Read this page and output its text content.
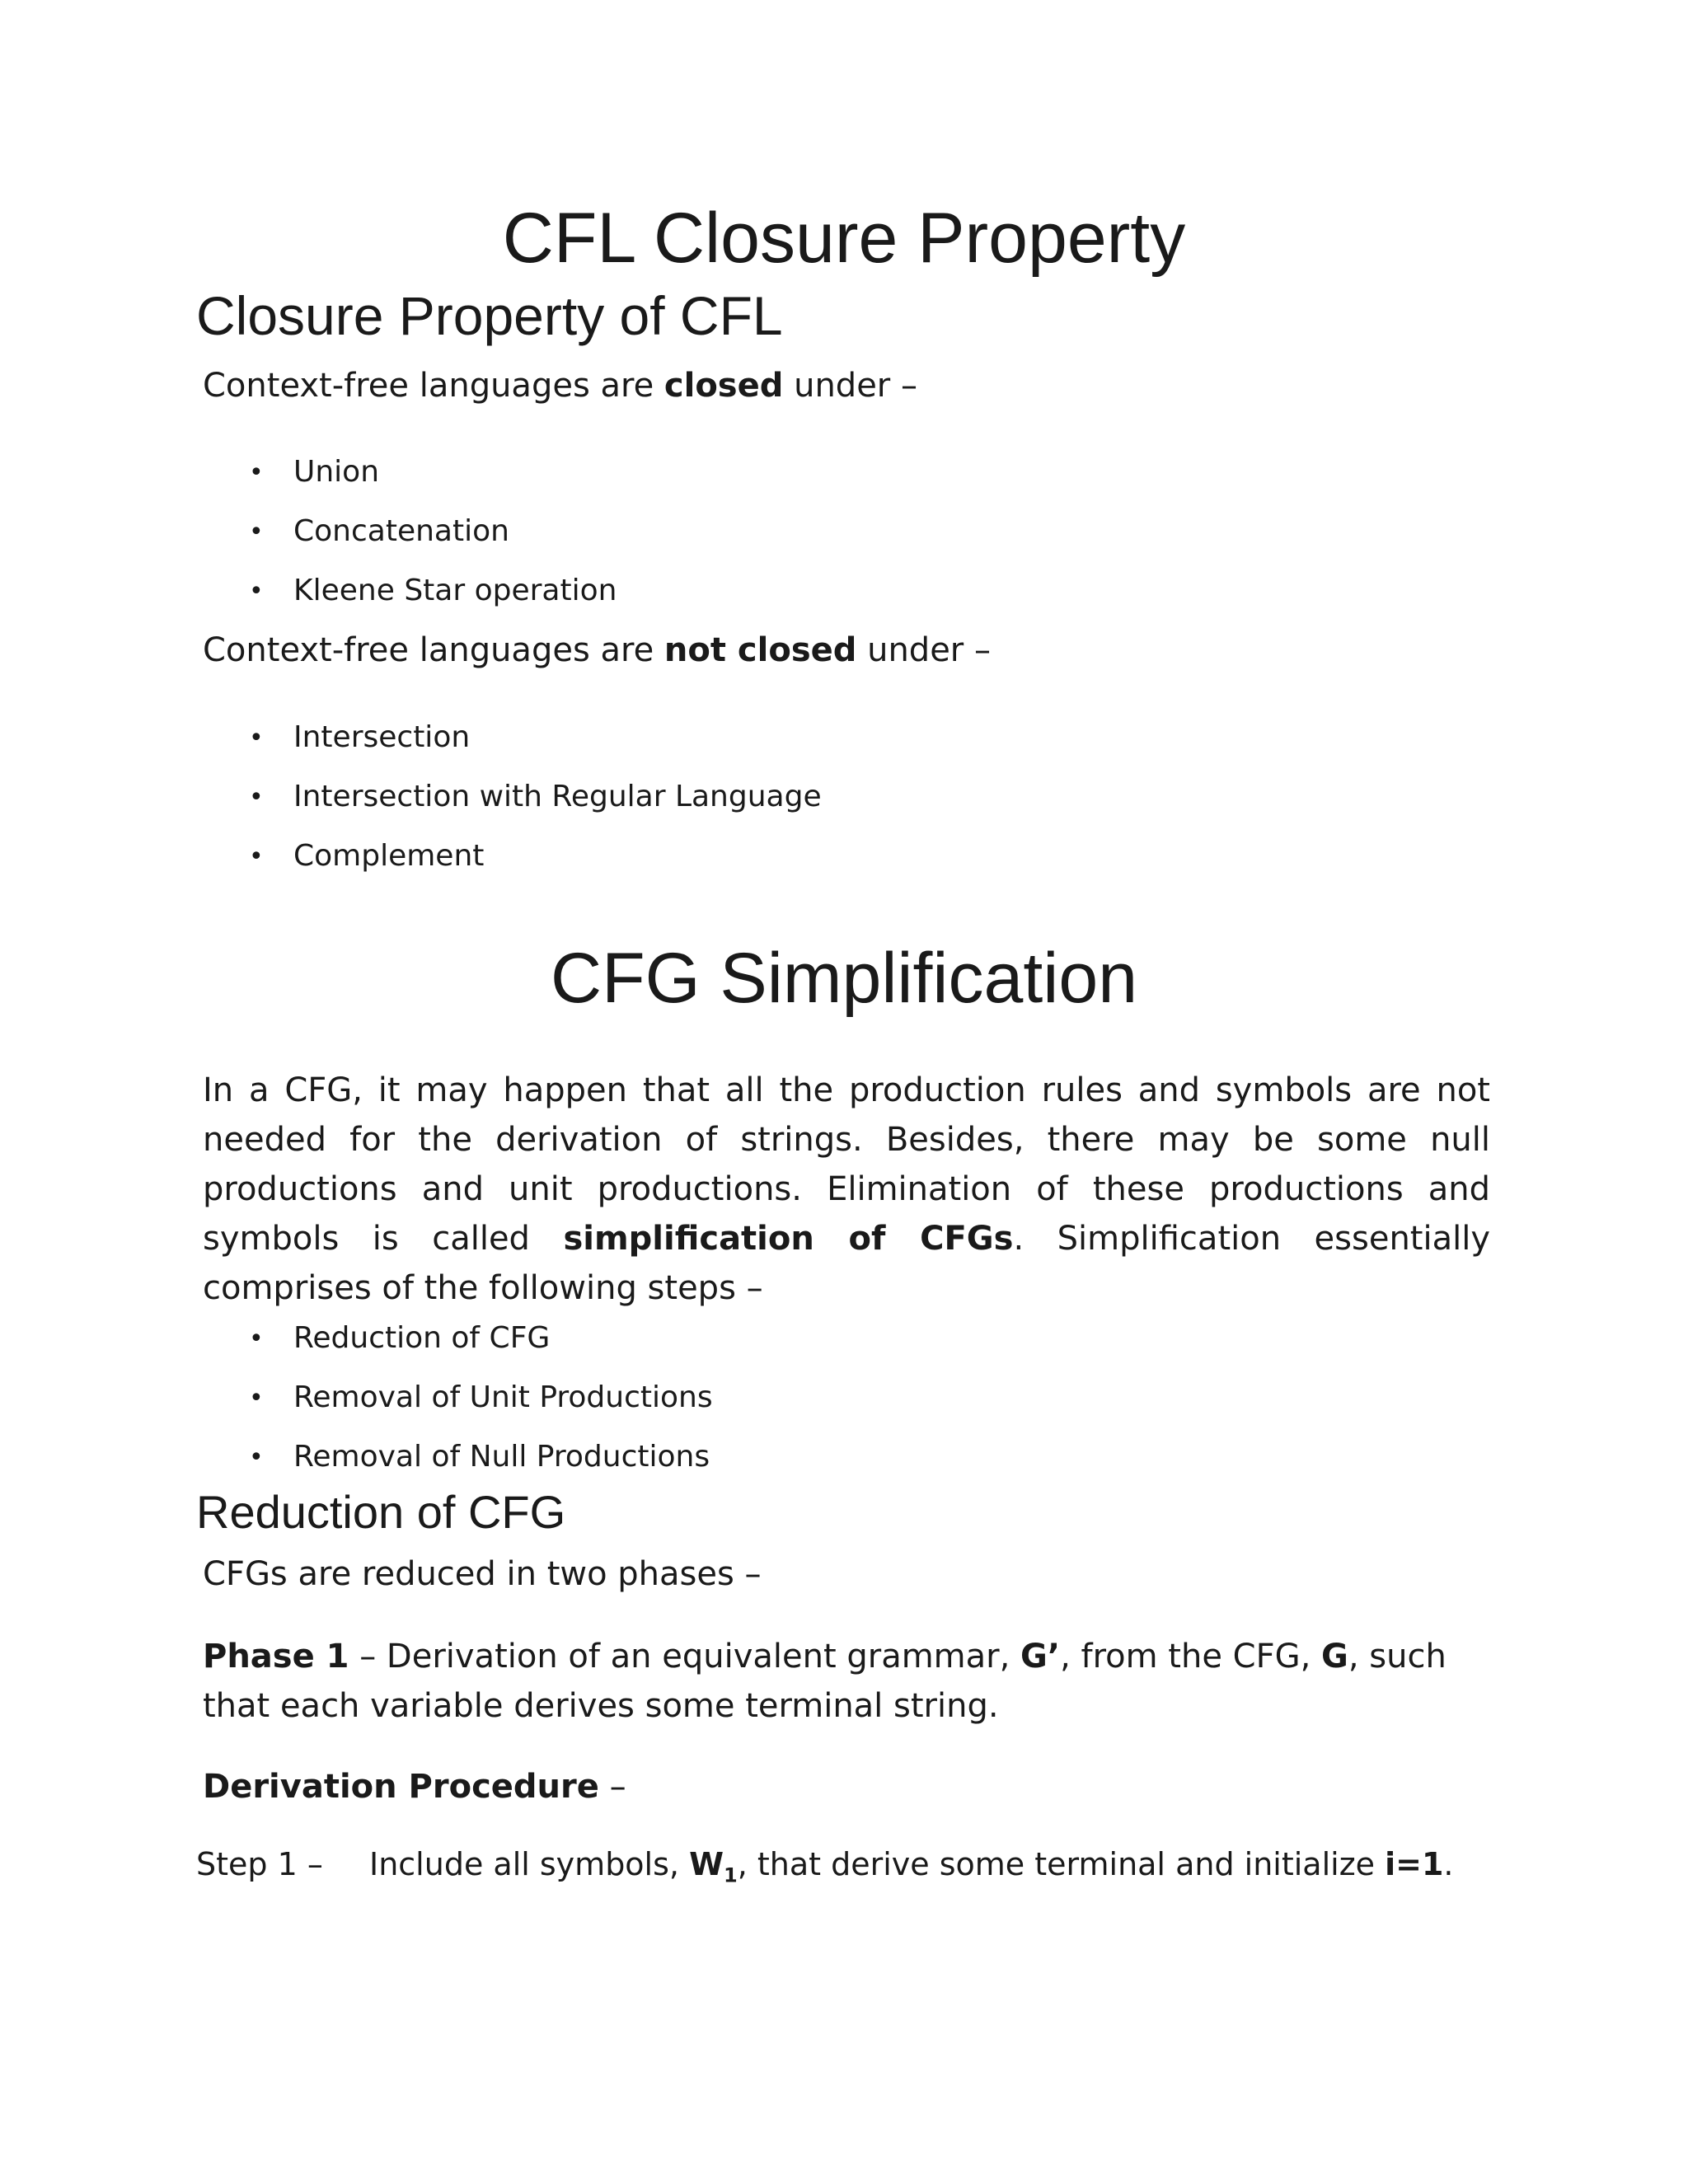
CFL Closure Property
Closure Property of CFL

Context-free languages are closed under –

• Union
• Concatenation
• Kleene Star operation

Context-free languages are not closed under –

• Intersection
• Intersection with Regular Language
• Complement
CFG Simplification

In a CFG, it may happen that all the production rules and symbols are not needed for the derivation of strings. Besides, there may be some null productions and unit productions. Elimination of these productions and symbols is called simplification of CFGs. Simplification essentially comprises of the following steps –

• Reduction of CFG
• Removal of Unit Productions
• Removal of Null Productions
Reduction of CFG

CFGs are reduced in two phases –

Phase 1 – Derivation of an equivalent grammar, G’, from the CFG, G, such

that each variable derives some terminal string.

Derivation Procedure –

Step 1 – Include all symbols, $W_1$, that derive some terminal and initialize i=1.
